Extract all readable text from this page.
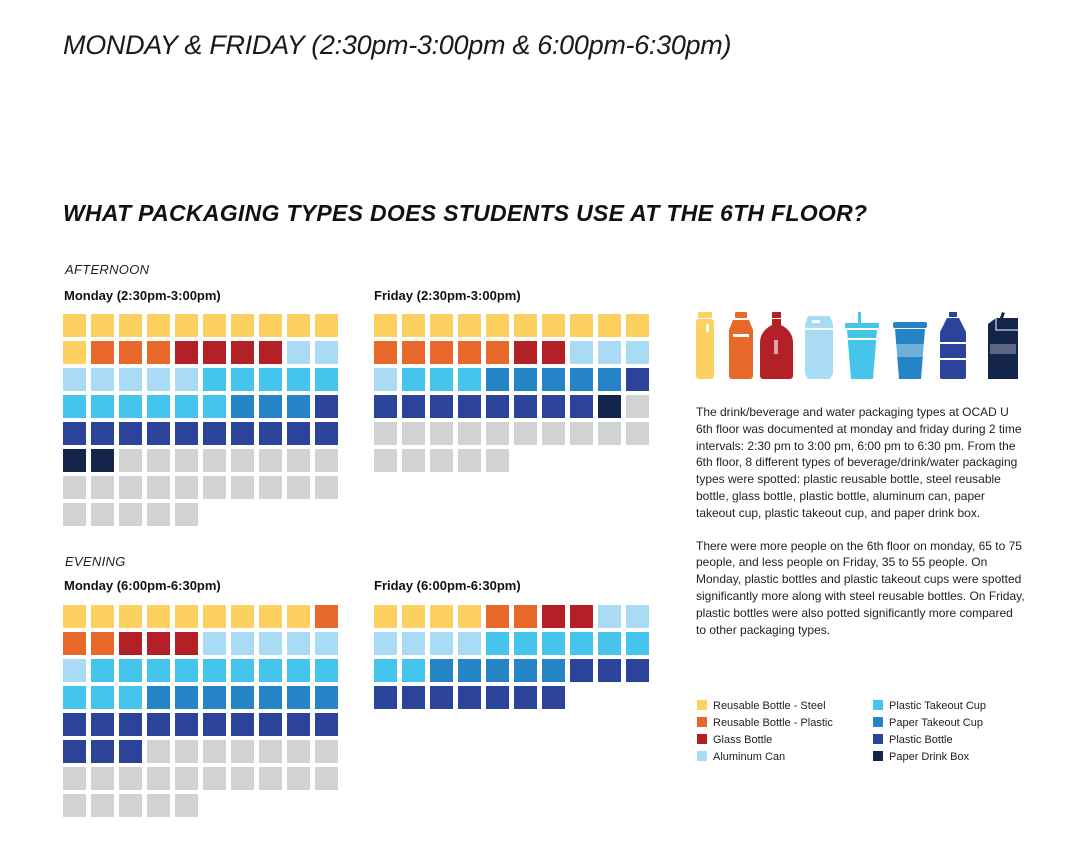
MONDAY & FRIDAY (2:30pm-3:00pm & 6:00pm-6:30pm)
WHAT PACKAGING TYPES DOES STUDENTS USE AT THE 6TH FLOOR?
AFTERNOON
EVENING
Monday (2:30pm-3:00pm)	Friday (2:30pm-3:00pm)
Monday (6:00pm-6:30pm)	Friday (6:00pm-6:30pm)

The drink/beverage and water packaging types at OCAD U 6th floor was documented at monday and friday during 2 time intervals: 2:30 pm to 3:00 pm, 6:00 pm to 6:30 pm. From the 6th floor, 8 different types of beverage/drink/water packaging types were spotted: plastic reusable bottle, steel reusable bottle, glass bottle, plastic bottle, aluminum can, paper takeout cup, plastic takeout cup, and paper drink box.

There were more people on the 6th floor on monday, 65 to 75 people, and less people on Friday, 35 to 55 people. On Monday, plastic bottles and plastic takeout cups were spotted significantly more along with steel reusable bottles. On Friday, plastic bottles were also potted significantly more compared to other packaging types.

Reusable Bottle - Steel
Reusable Bottle - Plastic
Glass Bottle
Aluminum Can
Plastic Takeout Cup
Paper Takeout Cup
Plastic Bottle
Paper Drink Box
